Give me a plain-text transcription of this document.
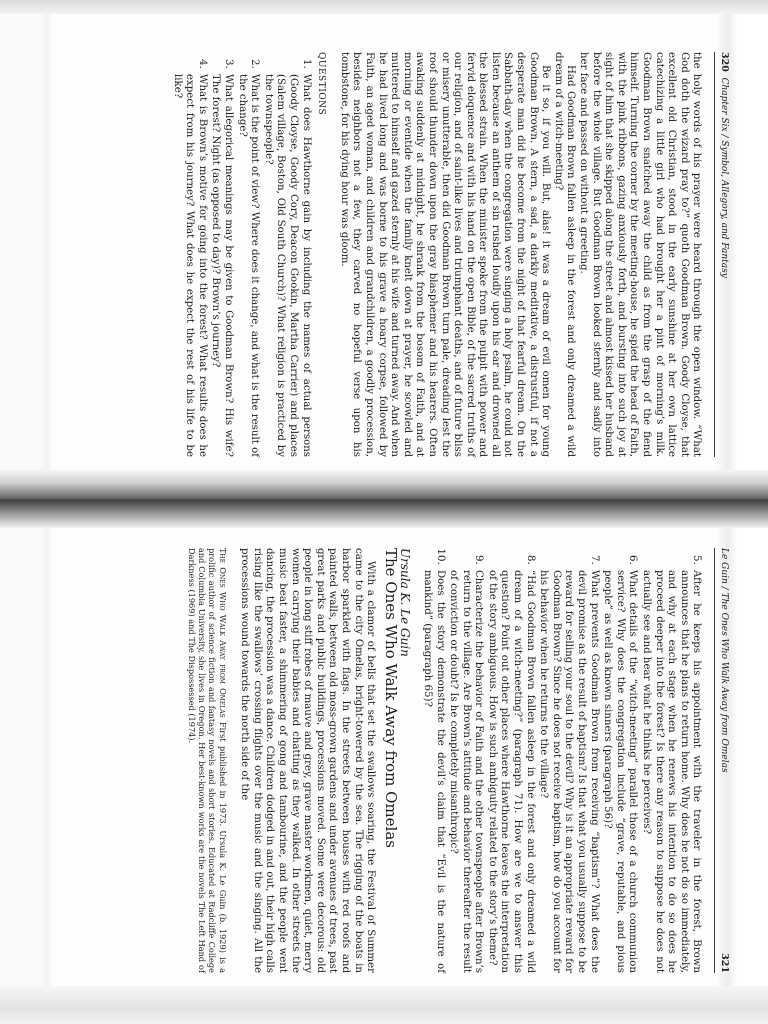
320  Chapter Six / Symbol, Allegory, and Fantasy

the holy words of his prayer were heard through the open window. “What God doth the wizard pray to?” quoth Goodman Brown. Goody Cloyse, that excellent old Christian, stood in the early sunshine at her own lattice catechizing a little girl who had brought her a pint of morning’s milk. Goodman Brown snatched away the child as from the grasp of the fiend himself. Turning the corner by the meeting-house, he spied the head of Faith, with the pink ribbons, gazing anxiously forth, and bursting into such joy at sight of him that she skipped along the street and almost kissed her husband before the whole village. But Goodman Brown looked sternly and sadly into her face and passed on without a greeting.

Had Goodman Brown fallen asleep in the forest and only dreamed a wild dream of a witch-meeting?

Be it so, if you will. But, alas! it was a dream of evil omen for young Goodman Brown. A stern, a sad, a darkly meditative, a distrustful, if not a desperate man did he become from the night of that fearful dream. On the Sabbath-day when the congregation were singing a holy psalm, he could not listen because an anthem of sin rushed loudly upon his ear and drowned all the blessed strain. When the minister spoke from the pulpit with power and fervid eloquence and with his hand on the open Bible, of the sacred truths of our religion, and of saint-like lives and triumphant deaths, and of future bliss or misery unutterable, then did Goodman Brown turn pale, dreading lest the roof should thunder down upon the gray blasphemer and his hearers. Often awaking suddenly at midnight, he shrank from the bosom of Faith, and at morning or eventide when the family knelt down at prayer, he scowled and muttered to himself and gazed sternly at his wife and turned away. And when he had lived long and was borne to his grave a hoary corpse, followed by Faith, an aged woman, and children and grandchildren, a goodly procession, besides neighbors not a few, they carved no hopeful verse upon his tombstone, for his dying hour was gloom.

QUESTIONS
1. What does Hawthorne gain by including the names of actual persons (Goody Cloyse, Goody Cory, Deacon Gookin, Martha Carrier) and places (Salem village, Boston, Old South Church)? What religion is practiced by the townspeople?
2. What is the point of view? Where does it change, and what is the result of the change?
3. What allegorical meanings may be given to Goodman Brown? His wife? The forest? Night (as opposed to day)? Brown’s journey?
4. What is Brown’s motive for going into the forest? What results does he expect from his journey? What does he expect the rest of his life to be like?
Le Guin / The Ones Who Walk Away from Omelas
321
5. After he keeps his appointment with the traveler in the forest, Brown announces that he plans to return home. Why does he not do so immediately, and why at each stage when he renews his intention to do so does he proceed deeper into the forest? Is there any reason to suppose he does not actually see and hear what he thinks he perceives?
6. What details of the “witch-meeting” parallel those of a church communion service? Why does the congregation include “grave, reputable, and pious people” as well as known sinners (paragraph 56)?
7. What prevents Goodman Brown from receiving “baptism”? What does the devil promise as the result of baptism? Is that what you usually suppose to be reward for selling your soul to the devil? Why is it an appropriate reward for Goodman Brown? Since he does not receive baptism, how do you account for his behavior when he returns to the village?
8. “Had Goodman Brown fallen asleep in the forest and only dreamed a wild dream of a witch-meeting?” (paragraph 71). How are we to answer this question? Point out other places where Hawthorne leaves the interpretation of the story ambiguous. How is such ambiguity related to the story’s theme?
9. Characterize the behavior of Faith and the other townspeople after Brown’s return to the village. Are Brown’s attitude and behavior thereafter the result of conviction or doubt? Is he completely misanthropic?
10. Does the story demonstrate the devil’s claim that “Evil is the nature of mankind” (paragraph 65)?
Ursula K. Le Guin
The Ones Who Walk Away from Omelas

With a clamor of bells that set the swallows soaring, the Festival of Summer came to the city Omelas, bright-towered by the sea. The rigging of the boats in harbor sparkled with flags. In the streets between houses with red roofs and painted walls, between old moss-grown gardens and under avenues of trees, past great parks and public buildings, processions moved. Some were decorous: old people in long stiff robes of mauve and grey, grave master workmen, quiet, merry women carrying their babies and chatting as they walked. In other streets the music beat faster, a shimmering of gong and tambourine, and the people went dancing, the procession was a dance. Children dodged in and out, their high calls rising like the swallows’ crossing flights over the music and the singing. All the processions wound towards the north side of the

The Ones Who Walk Away from Omelas First published in 1973. Ursula K. Le Guin (b. 1929) is a prolific author of science fiction and fantasy novels and short stories. Educated at Radcliffe College and Columbia University, she lives in Oregon. Her best-known works are the novels The Left Hand of Darkness (1969) and The Dispossessed (1974).
